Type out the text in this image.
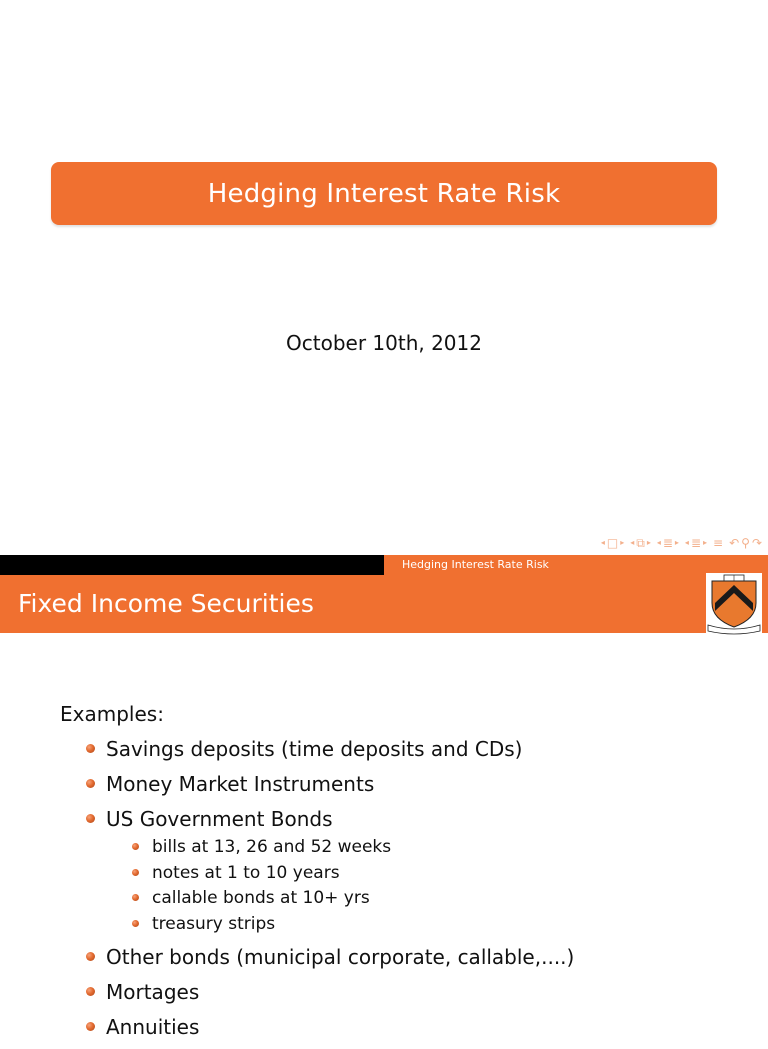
Hedging Interest Rate Risk
October 10th, 2012
◂ □ ▸ ◂ ⧉ ▸ ◂ ≣ ▸ ◂ ≣ ▸ ≡ ↶ ⚲ ↷
Hedging Interest Rate Risk
Fixed Income Securities
Examples:
Savings deposits (time deposits and CDs)
Money Market Instruments
US Government Bonds
bills at 13, 26 and 52 weeks
notes at 1 to 10 years
callable bonds at 10+ yrs
treasury strips
Other bonds (municipal corporate, callable,....)
Mortages
Annuities
